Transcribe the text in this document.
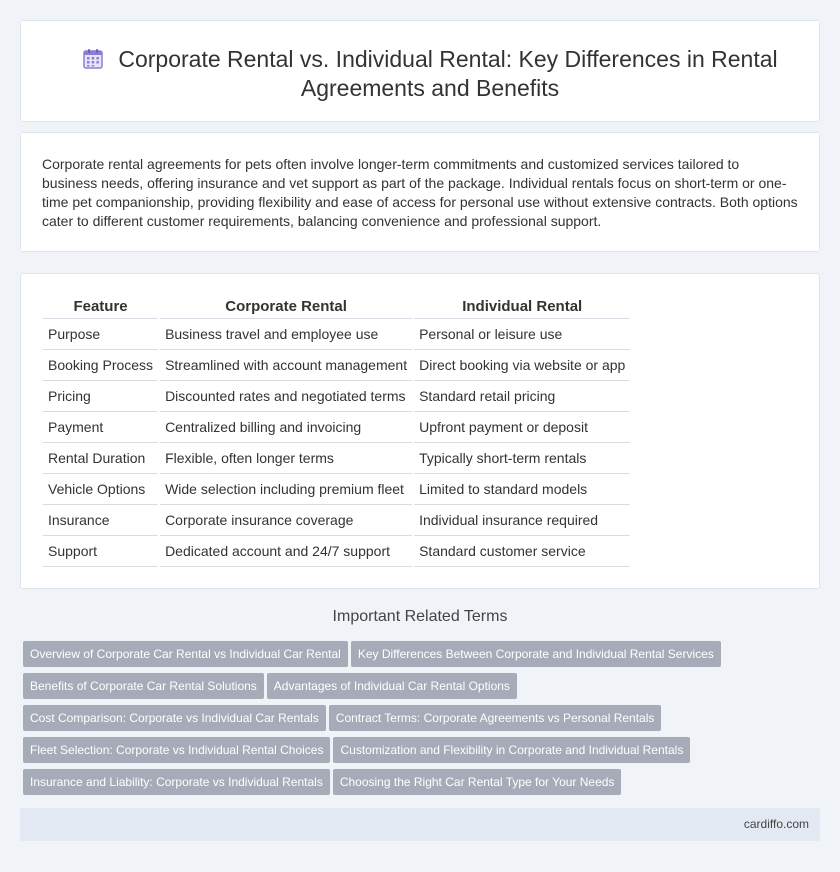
Corporate Rental vs. Individual Rental: Key Differences in Rental Agreements and Benefits

Corporate rental agreements for pets often involve longer-term commitments and customized services tailored to business needs, offering insurance and vet support as part of the package. Individual rentals focus on short-term or one-time pet companionship, providing flexibility and ease of access for personal use without extensive contracts. Both options cater to different customer requirements, balancing convenience and professional support.

Feature	Corporate Rental	Individual Rental
Purpose	Business travel and employee use	Personal or leisure use
Booking Process	Streamlined with account management	Direct booking via website or app
Pricing	Discounted rates and negotiated terms	Standard retail pricing
Payment	Centralized billing and invoicing	Upfront payment or deposit
Rental Duration	Flexible, often longer terms	Typically short-term rentals
Vehicle Options	Wide selection including premium fleet	Limited to standard models
Insurance	Corporate insurance coverage	Individual insurance required
Support	Dedicated account and 24/7 support	Standard customer service
Important Related Terms
Overview of Corporate Car Rental vs Individual Car Rental Key Differences Between Corporate and Individual Rental Services
Benefits of Corporate Car Rental Solutions Advantages of Individual Car Rental Options
Cost Comparison: Corporate vs Individual Car Rentals Contract Terms: Corporate Agreements vs Personal Rentals
Fleet Selection: Corporate vs Individual Rental Choices Customization and Flexibility in Corporate and Individual Rentals
Insurance and Liability: Corporate vs Individual Rentals Choosing the Right Car Rental Type for Your Needs
cardiffo.com
